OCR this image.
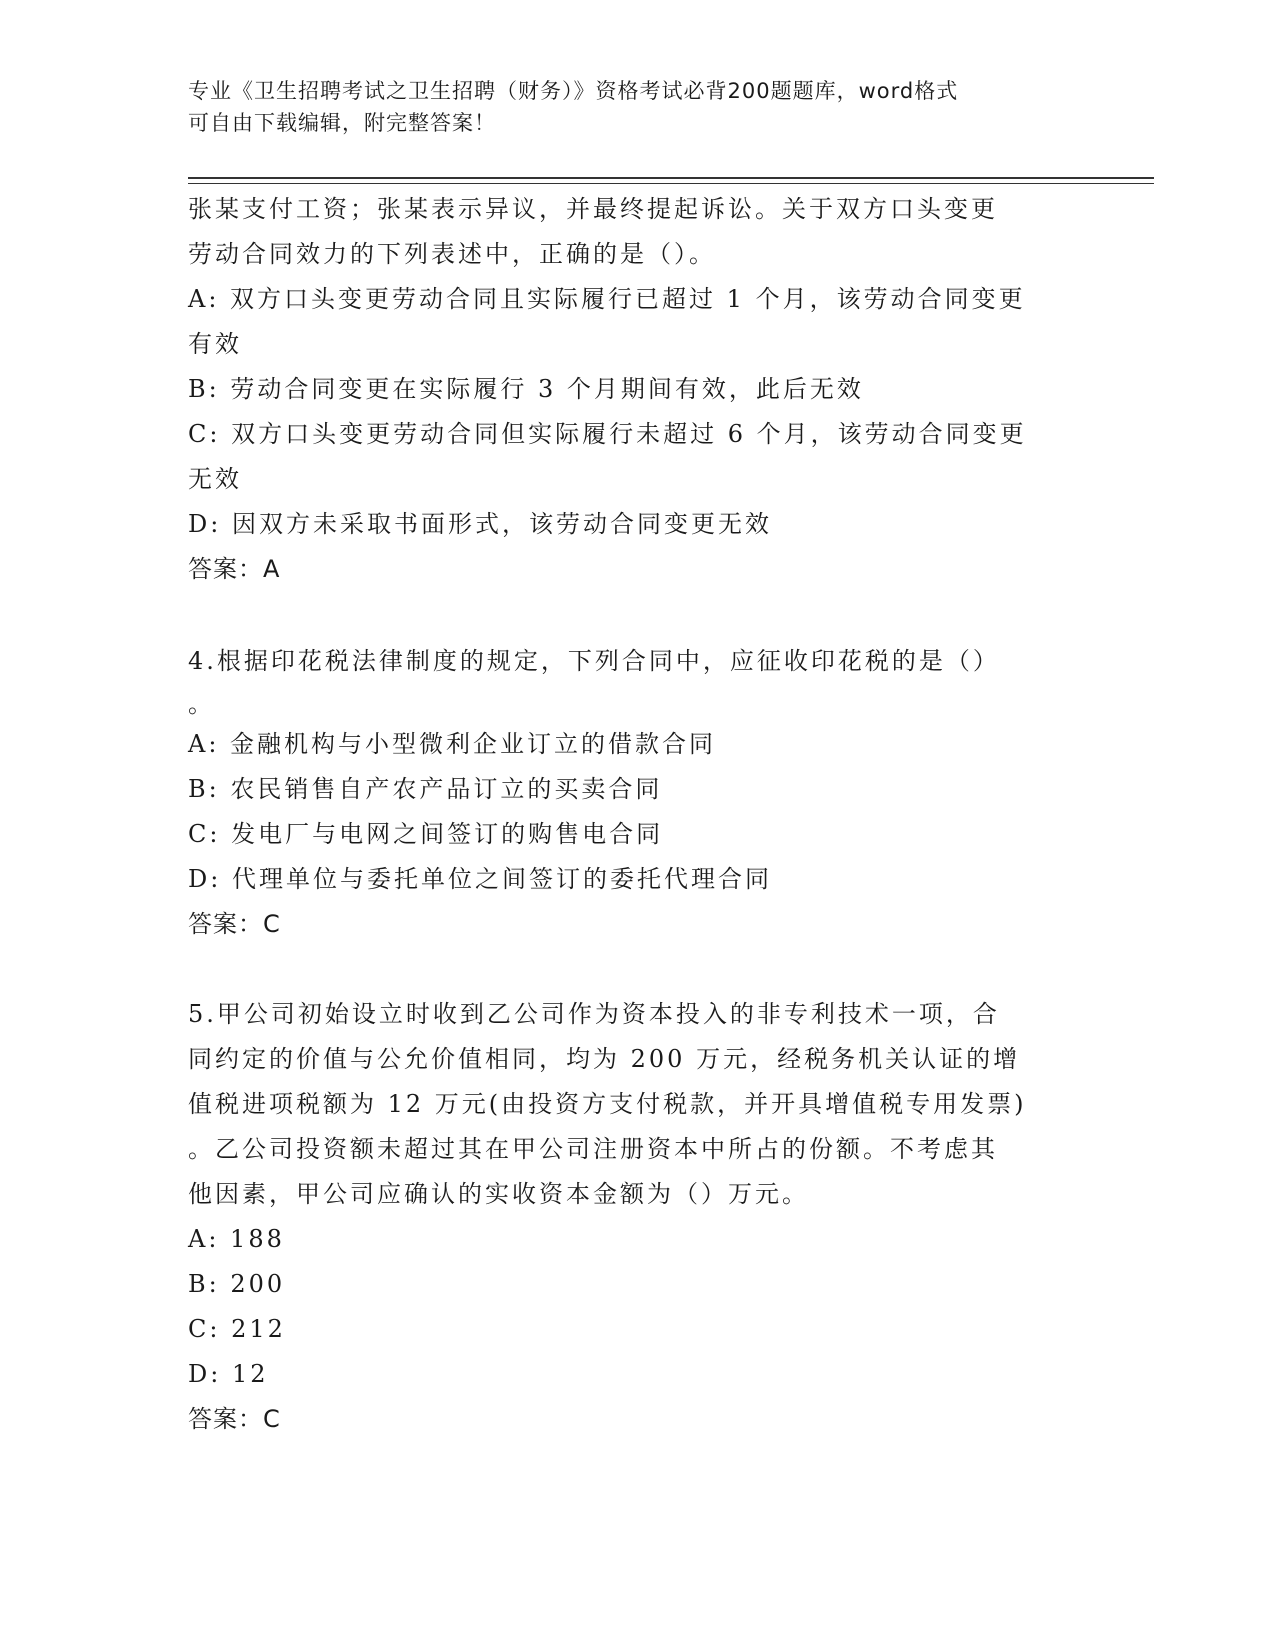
专业《卫生招聘考试之卫生招聘（财务）》资格考试必背200题题库，word格式
可自由下载编辑，附完整答案！

张某支付工资；张某表示异议，并最终提起诉讼。关于双方口头变更

劳动合同效力的下列表述中，正确的是（）。

A: 双方口头变更劳动合同且实际履行已超过 1 个月，该劳动合同变更

有效

B: 劳动合同变更在实际履行 3 个月期间有效，此后无效

C: 双方口头变更劳动合同但实际履行未超过 6 个月，该劳动合同变更

无效

D: 因双方未采取书面形式，该劳动合同变更无效

答案：A

4.根据印花税法律制度的规定，下列合同中，应征收印花税的是（）

。

A: 金融机构与小型微利企业订立的借款合同

B: 农民销售自产农产品订立的买卖合同

C: 发电厂与电网之间签订的购售电合同

D: 代理单位与委托单位之间签订的委托代理合同

答案：C

5.甲公司初始设立时收到乙公司作为资本投入的非专利技术一项，合

同约定的价值与公允价值相同，均为 200 万元，经税务机关认证的增

值税进项税额为 12 万元(由投资方支付税款，并开具增值税专用发票)

。乙公司投资额未超过其在甲公司注册资本中所占的份额。不考虑其

他因素，甲公司应确认的实收资本金额为（）万元。

A: 188

B: 200

C: 212

D: 12

答案：C
